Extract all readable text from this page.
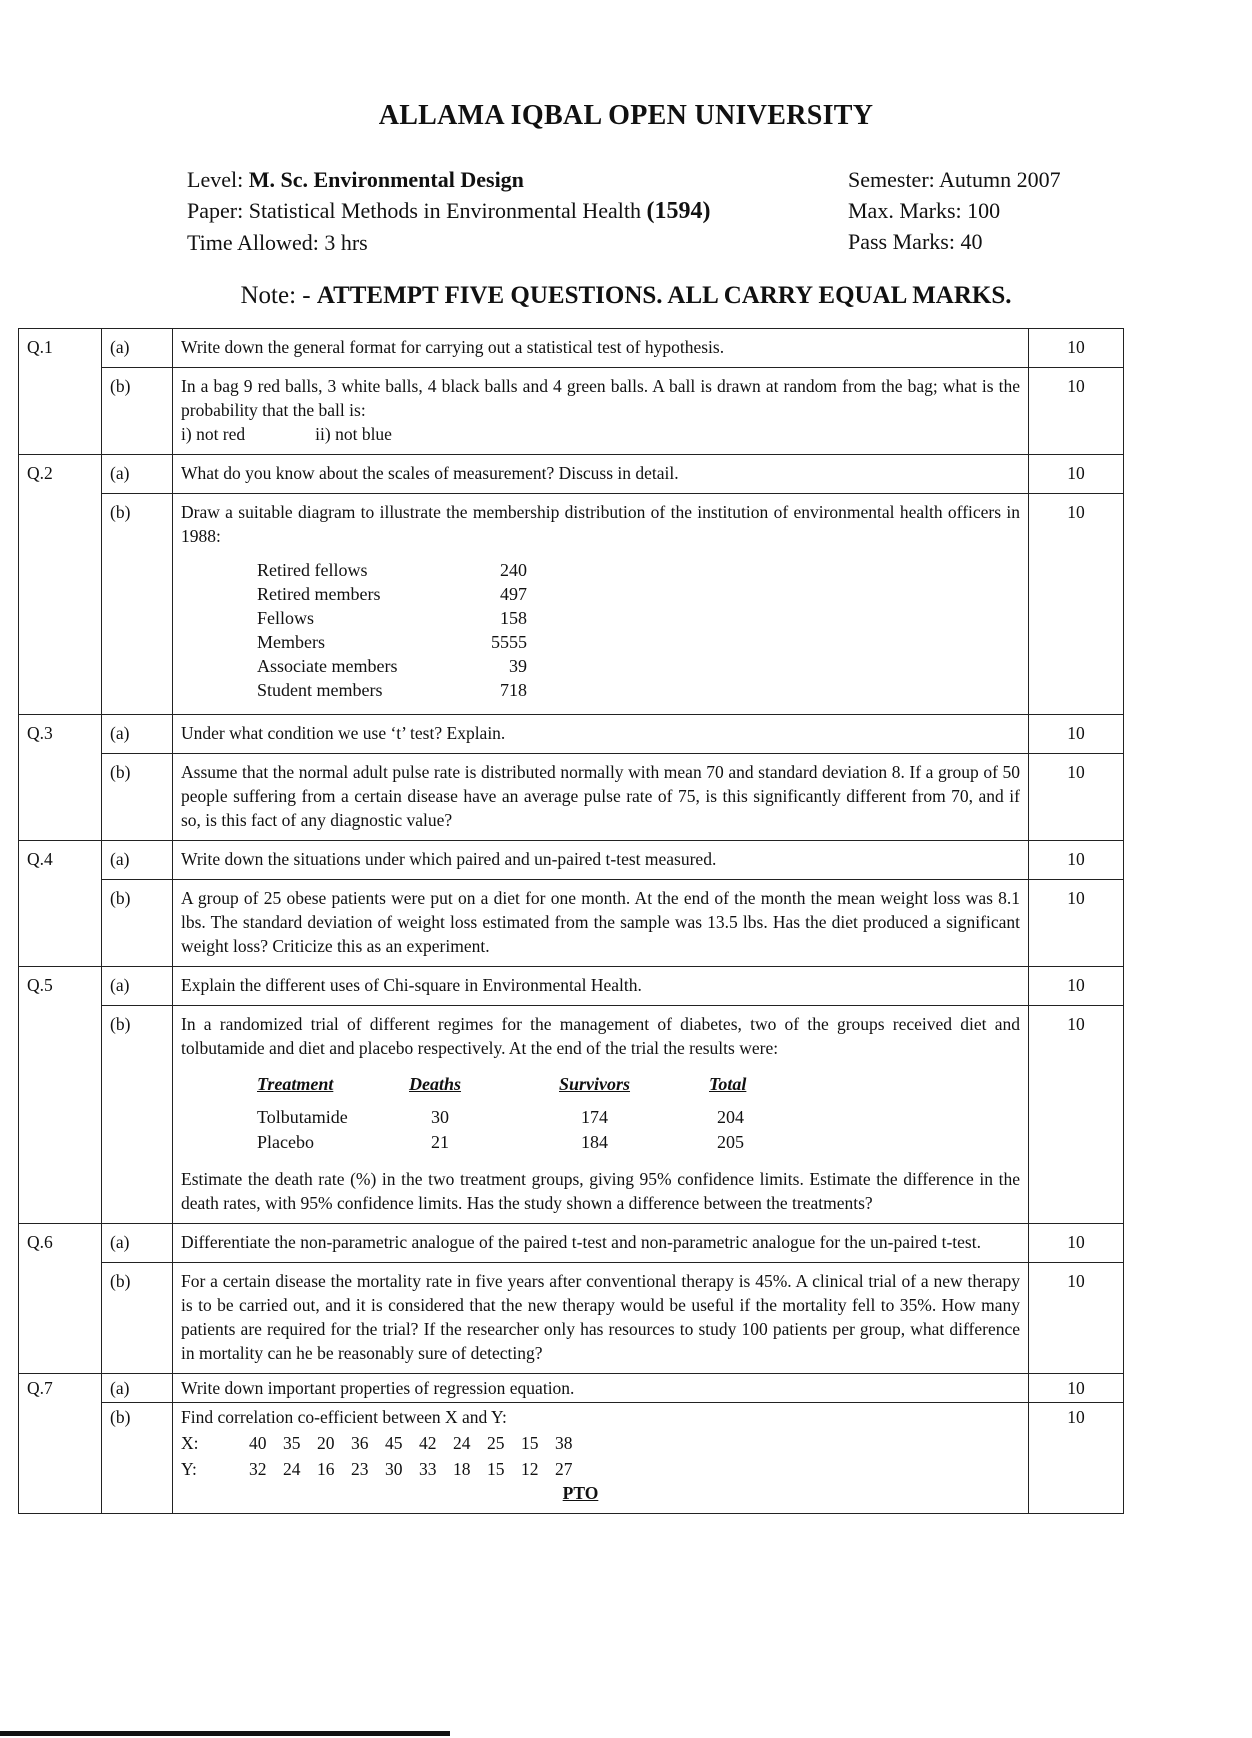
ALLAMA IQBAL OPEN UNIVERSITY
Level: M. Sc. Environmental Design
Paper: Statistical Methods in Environmental Health (1594)
Time Allowed: 3 hrs
Semester: Autumn 2007
Max. Marks: 100
Pass Marks: 40
Note: - ATTEMPT FIVE QUESTIONS. ALL CARRY EQUAL MARKS.
Q.1	(a)	Write down the general format for carrying out a statistical test of hypothesis.	10
	(b)	In a bag 9 red balls, 3 white balls, 4 black balls and 4 green balls. A ball is drawn at random from the bag; what is the probability that the ball is:
i) not red	ii) not blue
	10
Q.2	(a)	What do you know about the scales of measurement? Discuss in detail.	10
	(b)	Draw a suitable diagram to illustrate the membership distribution of the institution of environmental health officers in 1988:
Retired fellows	240
Retired members	497
Fellows	158
Members	5555
Associate members	39
Student members	718
	10
Q.3	(a)	Under what condition we use ‘t’ test? Explain.	10
	(b)	Assume that the normal adult pulse rate is distributed normally with mean 70 and standard deviation 8. If a group of 50 people suffering from a certain disease have an average pulse rate of 75, is this significantly different from 70, and if so, is this fact of any diagnostic value?	10
Q.4	(a)	Write down the situations under which paired and un-paired t-test measured.	10
	(b)	A group of 25 obese patients were put on a diet for one month. At the end of the month the mean weight loss was 8.1 lbs. The standard deviation of weight loss estimated from the sample was 13.5 lbs. Has the diet produced a significant weight loss? Criticize this as an experiment.	10
Q.5	(a)	Explain the different uses of Chi-square in Environmental Health.	10
	(b)	In a randomized trial of different regimes for the management of diabetes, two of the groups received diet and tolbutamide and diet and placebo respectively. At the end of the trial the results were:
Treatment	Deaths	Survivors	Total
Tolbutamide	30	174	204
Placebo	21	184	205
Estimate the death rate (%) in the two treatment groups, giving 95% confidence limits. Estimate the difference in the death rates, with 95% confidence limits. Has the study shown a difference between the treatments?
	10
Q.6	(a)	Differentiate the non-parametric analogue of the paired t-test and non-parametric analogue for the un-paired t-test.	10
	(b)	For a certain disease the mortality rate in five years after conventional therapy is 45%. A clinical trial of a new therapy is to be carried out, and it is considered that the new therapy would be useful if the mortality fell to 35%. How many patients are required for the trial? If the researcher only has resources to study 100 patients per group, what difference in mortality can he be reasonably sure of detecting?	10
Q.7	(a)	Write down important properties of regression equation.	10
	(b)	Find correlation co-efficient between X and Y:
X:	40 35 20 36 45 42 24 25 15 38
Y:	32 24 16 23 30 33 18 15 12 27
PTO
	10
